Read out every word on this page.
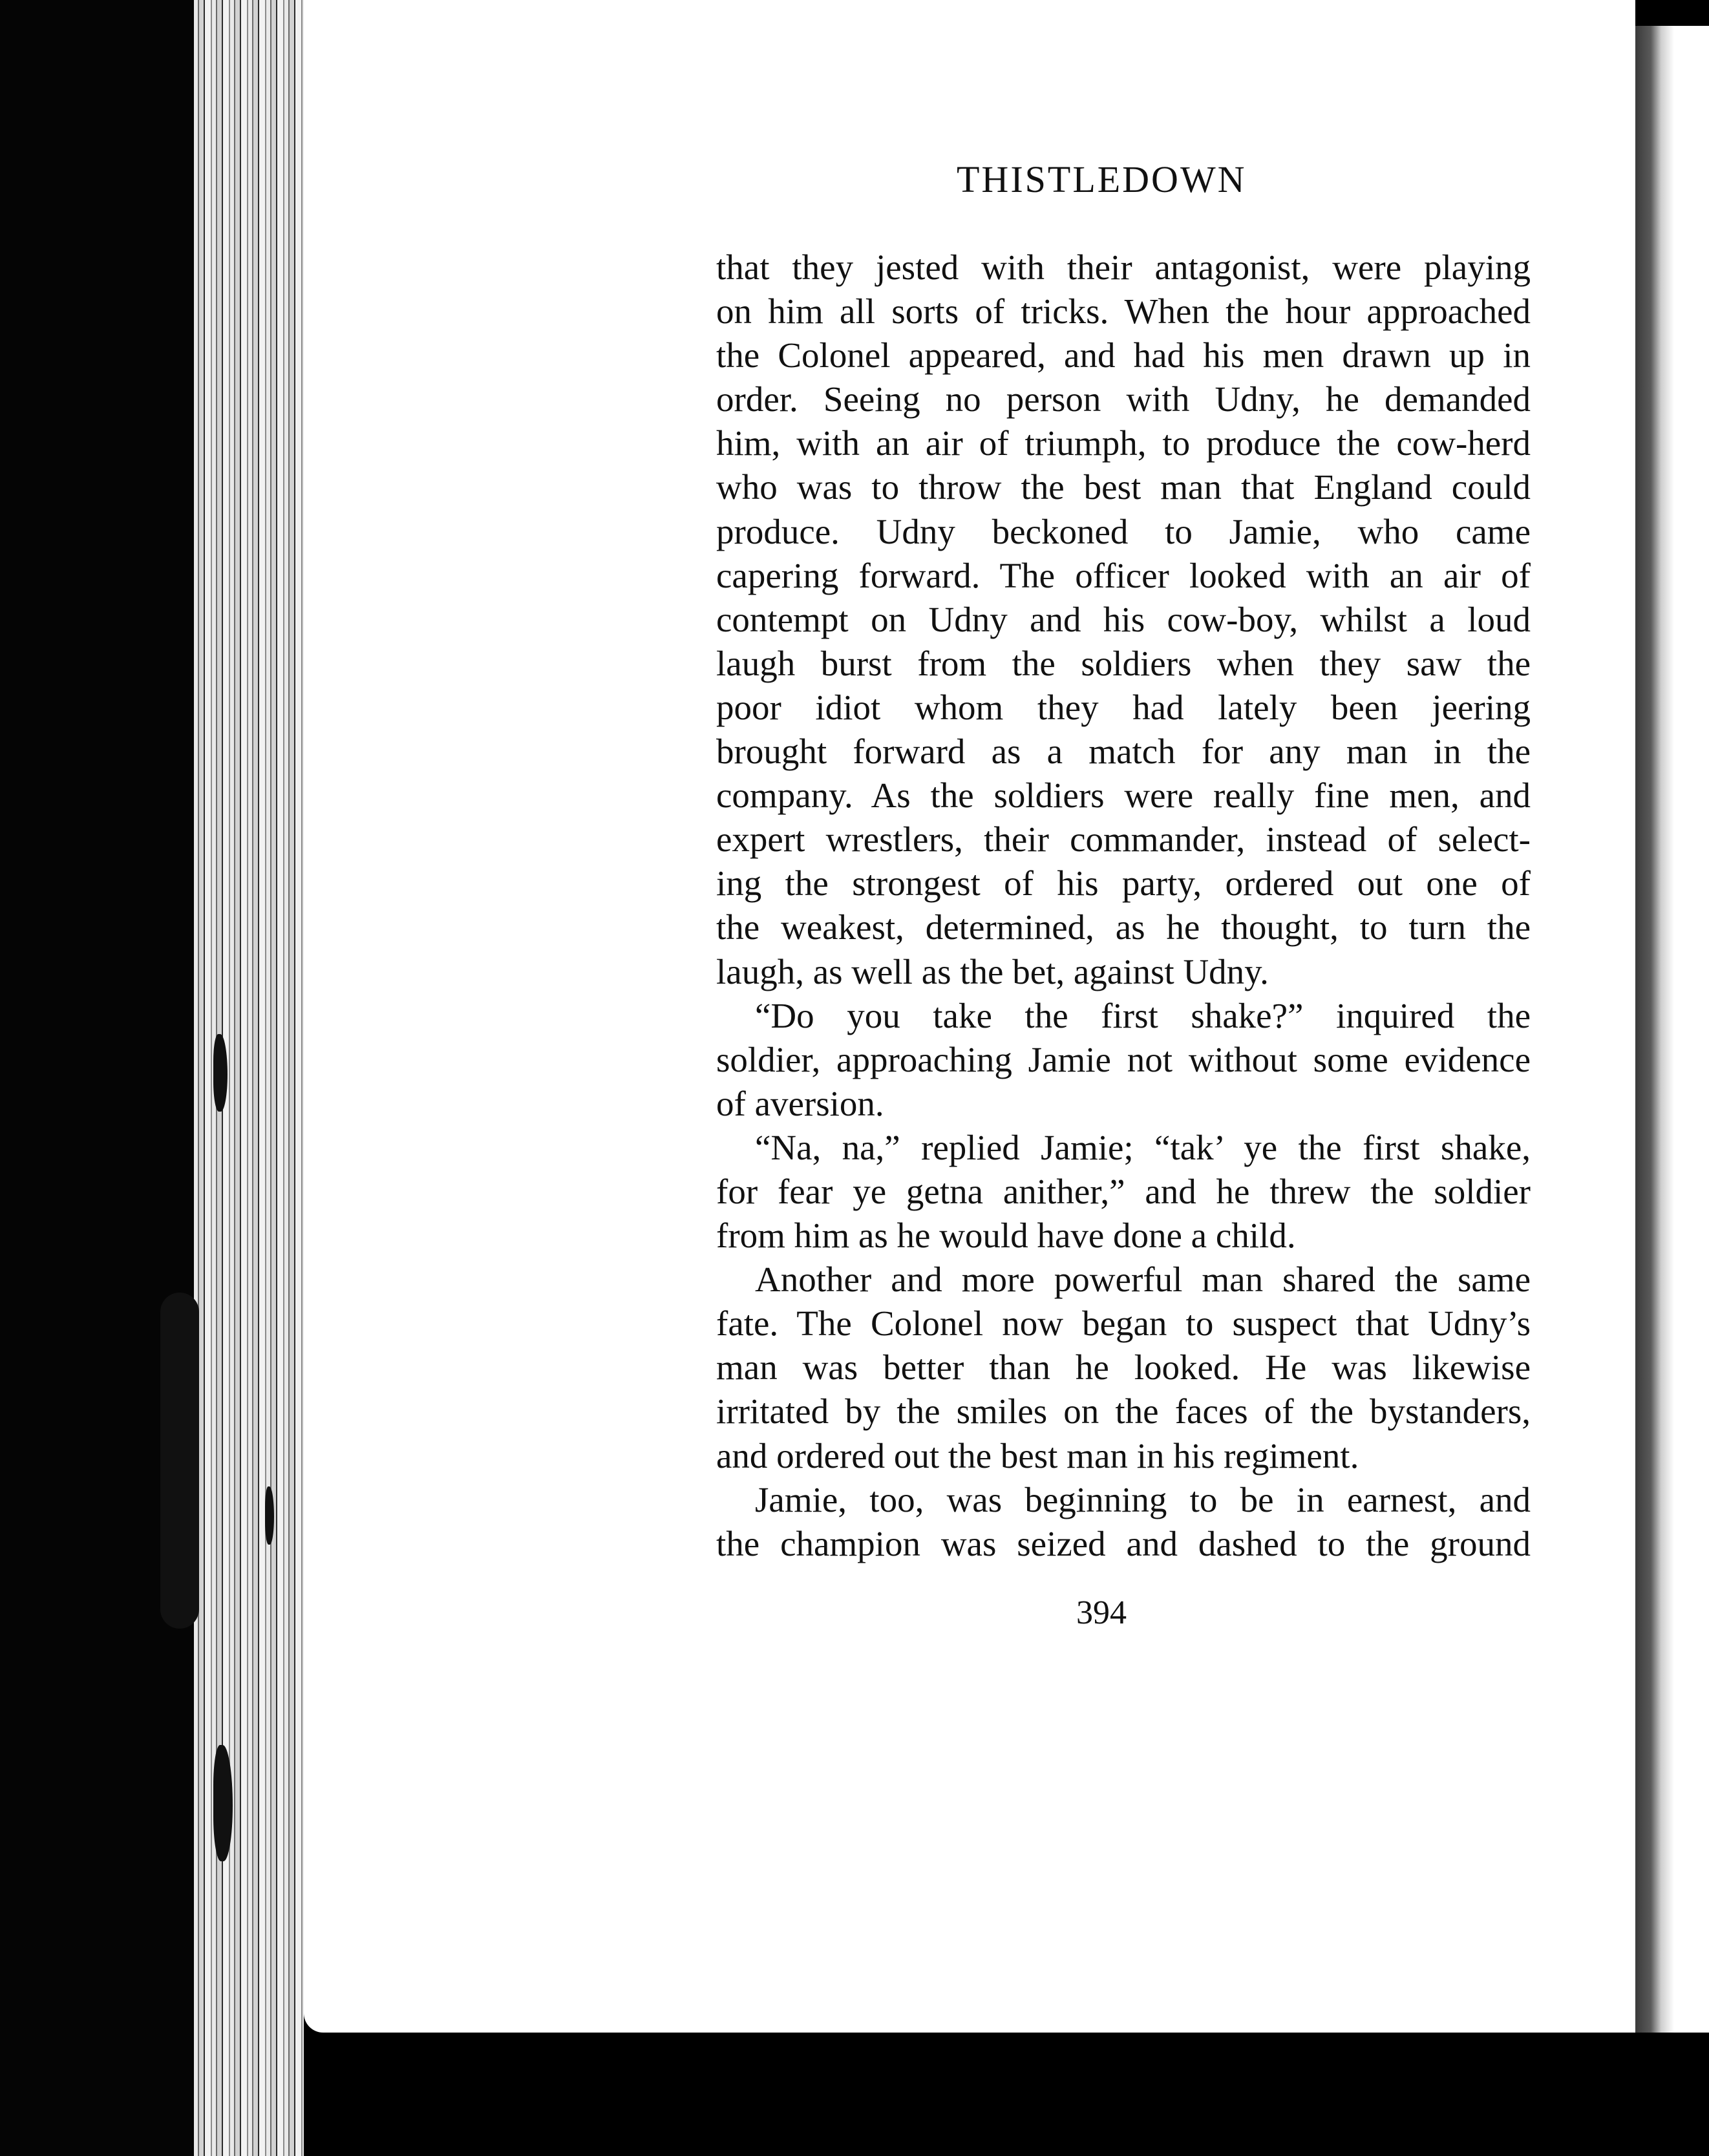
THISTLEDOWN

that they jested with their antagonist, were playing
on him all sorts of tricks. When the hour approached
the Colonel appeared, and had his men drawn up in
order. Seeing no person with Udny, he demanded
him, with an air of triumph, to produce the cow-herd
who was to throw the best man that England could
produce. Udny beckoned to Jamie, who came
capering forward. The officer looked with an air of
contempt on Udny and his cow-boy, whilst a loud
laugh burst from the soldiers when they saw the
poor idiot whom they had lately been jeering
brought forward as a match for any man in the
company. As the soldiers were really fine men, and
expert wrestlers, their commander, instead of select-
ing the strongest of his party, ordered out one of
the weakest, determined, as he thought, to turn the
laugh, as well as the bet, against Udny.

“Do you take the first shake?” inquired the
soldier, approaching Jamie not without some evidence
of aversion.

“Na, na,” replied Jamie; “tak’ ye the first shake,
for fear ye getna anither,” and he threw the soldier
from him as he would have done a child.

Another and more powerful man shared the same
fate. The Colonel now began to suspect that Udny’s
man was better than he looked. He was likewise
irritated by the smiles on the faces of the bystanders,
and ordered out the best man in his regiment.

Jamie, too, was beginning to be in earnest, and
the champion was seized and dashed to the ground

394
